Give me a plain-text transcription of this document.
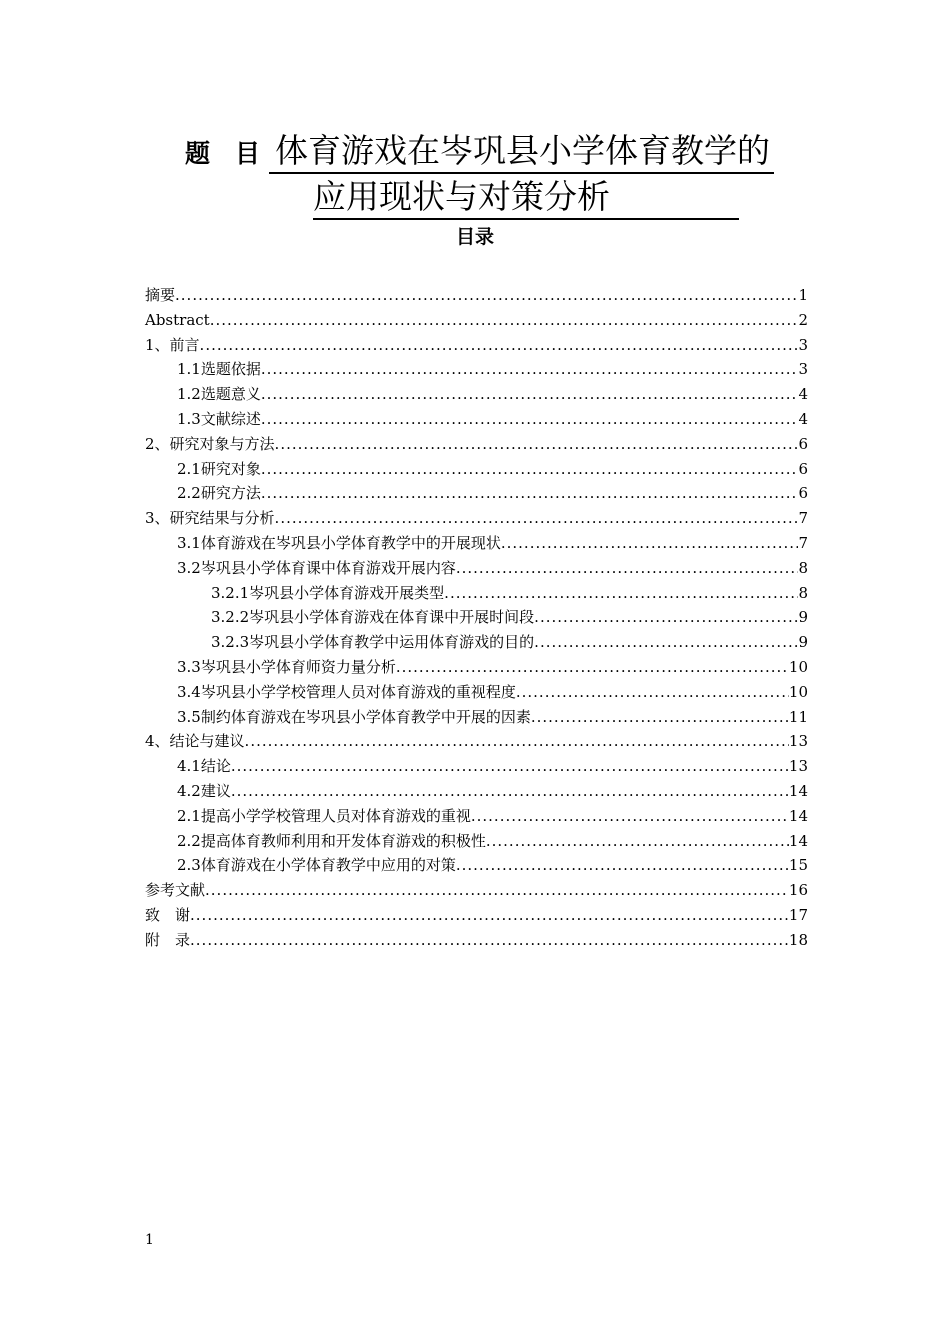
题　目 体育游戏在岑巩县小学体育教学的
应用现状与对策分析
目录
摘要 .....	1
Abstract .....	2
1、前言 .....	3
1.1选题依据 .....	3
1.2选题意义 .....	4
1.3文献综述 .....	4
2、研究对象与方法 .....	6
2.1研究对象 .....	6
2.2研究方法 .....	6
3、研究结果与分析 .....	7
3.1体育游戏在岑巩县小学体育教学中的开展现状 .....	7
3.2岑巩县小学体育课中体育游戏开展内容 .....	8
3.2.1岑巩县小学体育游戏开展类型 .....	8
3.2.2岑巩县小学体育游戏在体育课中开展时间段 .....	9
3.2.3岑巩县小学体育教学中运用体育游戏的目的 .....	9
3.3岑巩县小学体育师资力量分析 .....	10
3.4岑巩县小学学校管理人员对体育游戏的重视程度 .....	10
3.5制约体育游戏在岑巩县小学体育教学中开展的因素 .....	11
4、结论与建议 .....	13
4.1结论 .....	13
4.2建议 .....	14
2.1提高小学学校管理人员对体育游戏的重视 .....	14
2.2提高体育教师利用和开发体育游戏的积极性 .....	14
2.3体育游戏在小学体育教学中应用的对策 .....	15
参考文献 .....	16
致　谢 .....	17
附　录 .....	18
1
